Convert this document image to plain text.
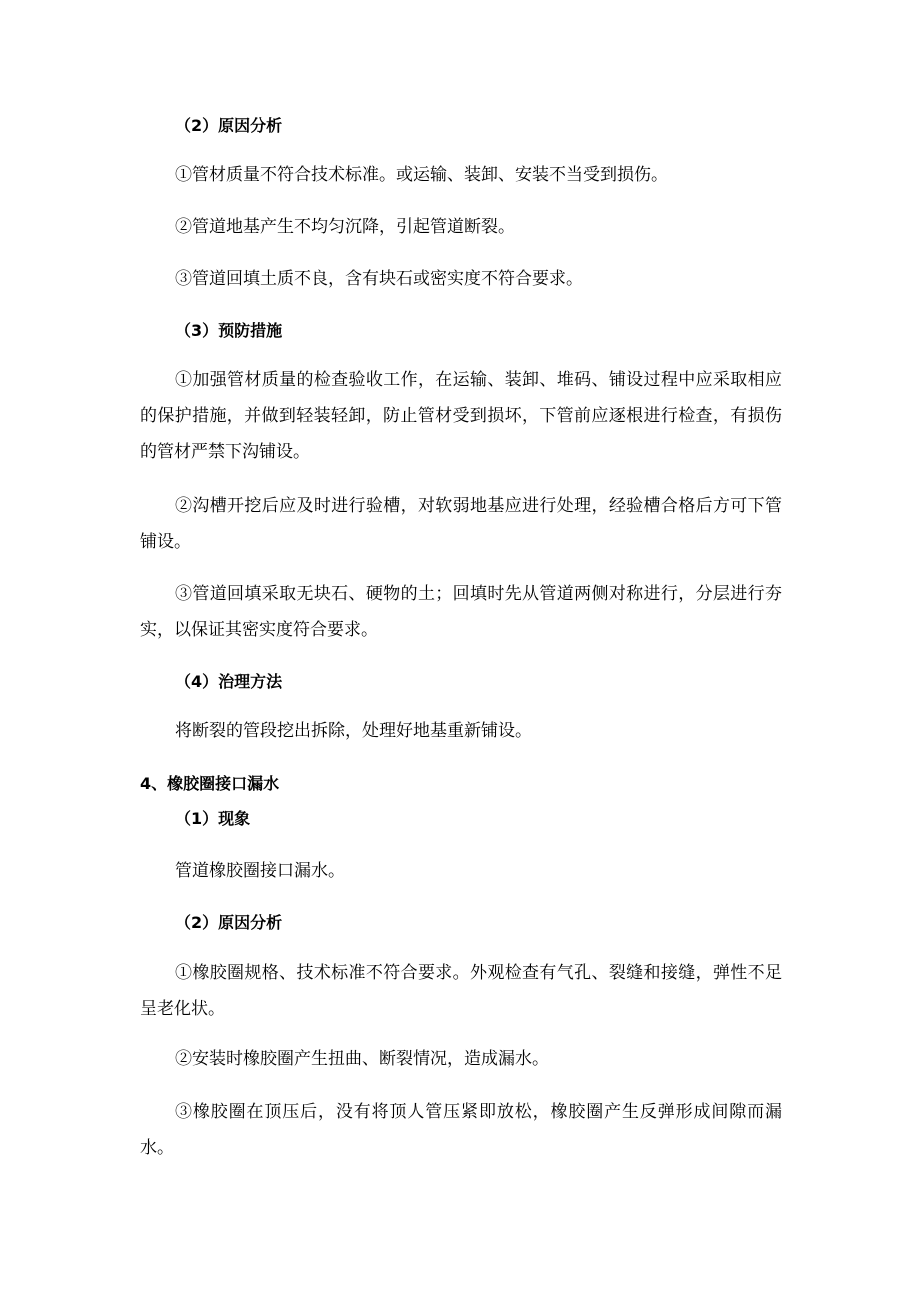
（2）原因分析
①管材质量不符合技术标准。或运输、装卸、安装不当受到损伤。
②管道地基产生不均匀沉降，引起管道断裂。
③管道回填土质不良，含有块石或密实度不符合要求。
（3）预防措施
①加强管材质量的检查验收工作，在运输、装卸、堆码、铺设过程中应采取相应的保护措施，并做到轻装轻卸，防止管材受到损坏，下管前应逐根进行检查，有损伤的管材严禁下沟铺设。
②沟槽开挖后应及时进行验槽，对软弱地基应进行处理，经验槽合格后方可下管铺设。
③管道回填采取无块石、硬物的土；回填时先从管道两侧对称进行，分层进行夯实，以保证其密实度符合要求。
（4）治理方法
将断裂的管段挖出拆除，处理好地基重新铺设。
4、橡胶圈接口漏水
（1）现象
管道橡胶圈接口漏水。
（2）原因分析
①橡胶圈规格、技术标准不符合要求。外观检查有气孔、裂缝和接缝，弹性不足呈老化状。
②安装时橡胶圈产生扭曲、断裂情况，造成漏水。
③橡胶圈在顶压后，没有将顶人管压紧即放松，橡胶圈产生反弹形成间隙而漏水。
